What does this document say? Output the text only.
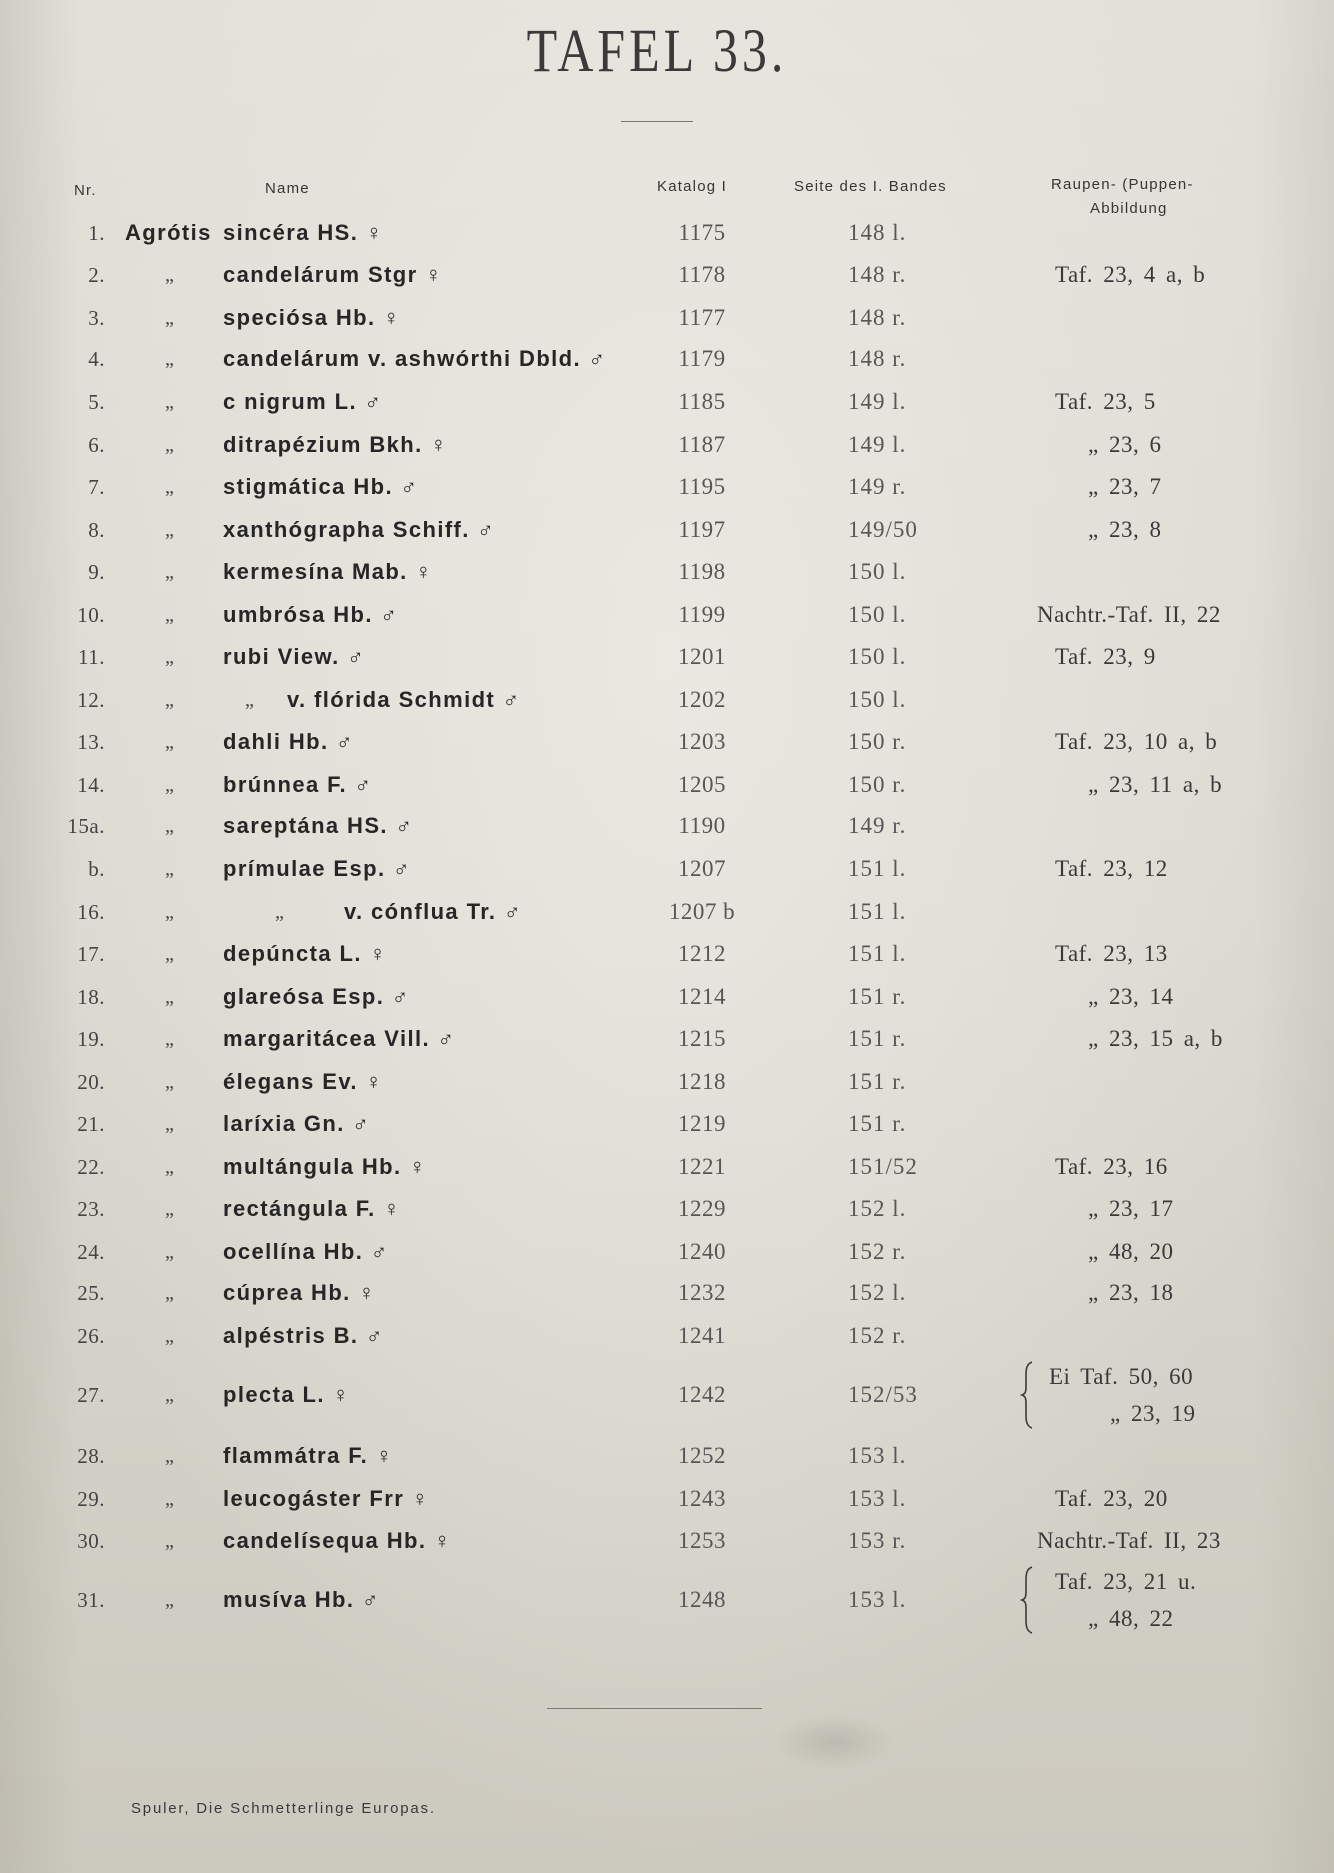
TAFEL 33.
Nr.	Name	Katalog I	Seite des I. Bandes	Raupen- (Puppen-
Abbildung
1. Agrótis sincéra HS. ♀	1175	148 l.
2.	„ candelárum Stgr ♀	1178	148 r.	Taf. 23, 4 a, b
3.	„ speciósa Hb. ♀	1177	148 r.
4.	„ candelárum v. ashwórthi Dbld. ♂	1179	148 r.
5.	„ c nigrum L. ♂	1185	149 l.	Taf. 23, 5
6.	„ ditrapézium Bkh. ♀	1187	149 l.	„ 23, 6
7.	„ stigmática Hb. ♂	1195	149 r.	„ 23, 7
8.	„ xanthógrapha Schiff. ♂	1197	149/50	„ 23, 8
9.	„ kermesína Mab. ♀	1198	150 l.
10.	„ umbrósa Hb. ♂	1199	150 l.	Nachtr.-Taf. II, 22
11.	„ rubi View. ♂	1201	150 l.	Taf. 23, 9
12.	„	„ v. flórida Schmidt ♂	1202	150 l.
13.	„ dahli Hb. ♂	1203	150 r.	Taf. 23, 10 a, b
14.	„ brúnnea F. ♂	1205	150 r.	„ 23, 11 a, b
15a.	„ sareptána HS. ♂	1190	149 r.
b.	„ prímulae Esp. ♂	1207	151 l.	Taf. 23, 12
16.	„	„	v. cónflua Tr. ♂	1207 b	151 l.
17.	„ depúncta L. ♀	1212	151 l.	Taf. 23, 13
18.	„ glareósa Esp. ♂	1214	151 r.	„ 23, 14
19.	„ margaritácea Vill. ♂	1215	151 r.	„ 23, 15 a, b
20.	„ élegans Ev. ♀	1218	151 r.
21.	„ laríxia Gn. ♂	1219	151 r.
22.	„ multángula Hb. ♀	1221	151/52	Taf. 23, 16
23.	„ rectángula F. ♀	1229	152 l.	„ 23, 17
24.	„ ocellína Hb. ♂	1240	152 r.	„ 48, 20
25.	„ cúprea Hb. ♀	1232	152 l.	„ 23, 18
26.	„ alpéstris B. ♂	1241	152 r.
27.	„ plecta L. ♀	1242	152/53
Ei Taf. 50, 60
„ 23, 19
28.	„ flammátra F. ♀	1252	153 l.
29.	„ leucogáster Frr ♀	1243	153 l.	Taf. 23, 20
30.	„ candelísequa Hb. ♀	1253	153 r.	Nachtr.-Taf. II, 23
31.	„ musíva Hb. ♂	1248	153 l.
Taf. 23, 21 u.
„ 48, 22
Spuler, Die Schmetterlinge Europas.
